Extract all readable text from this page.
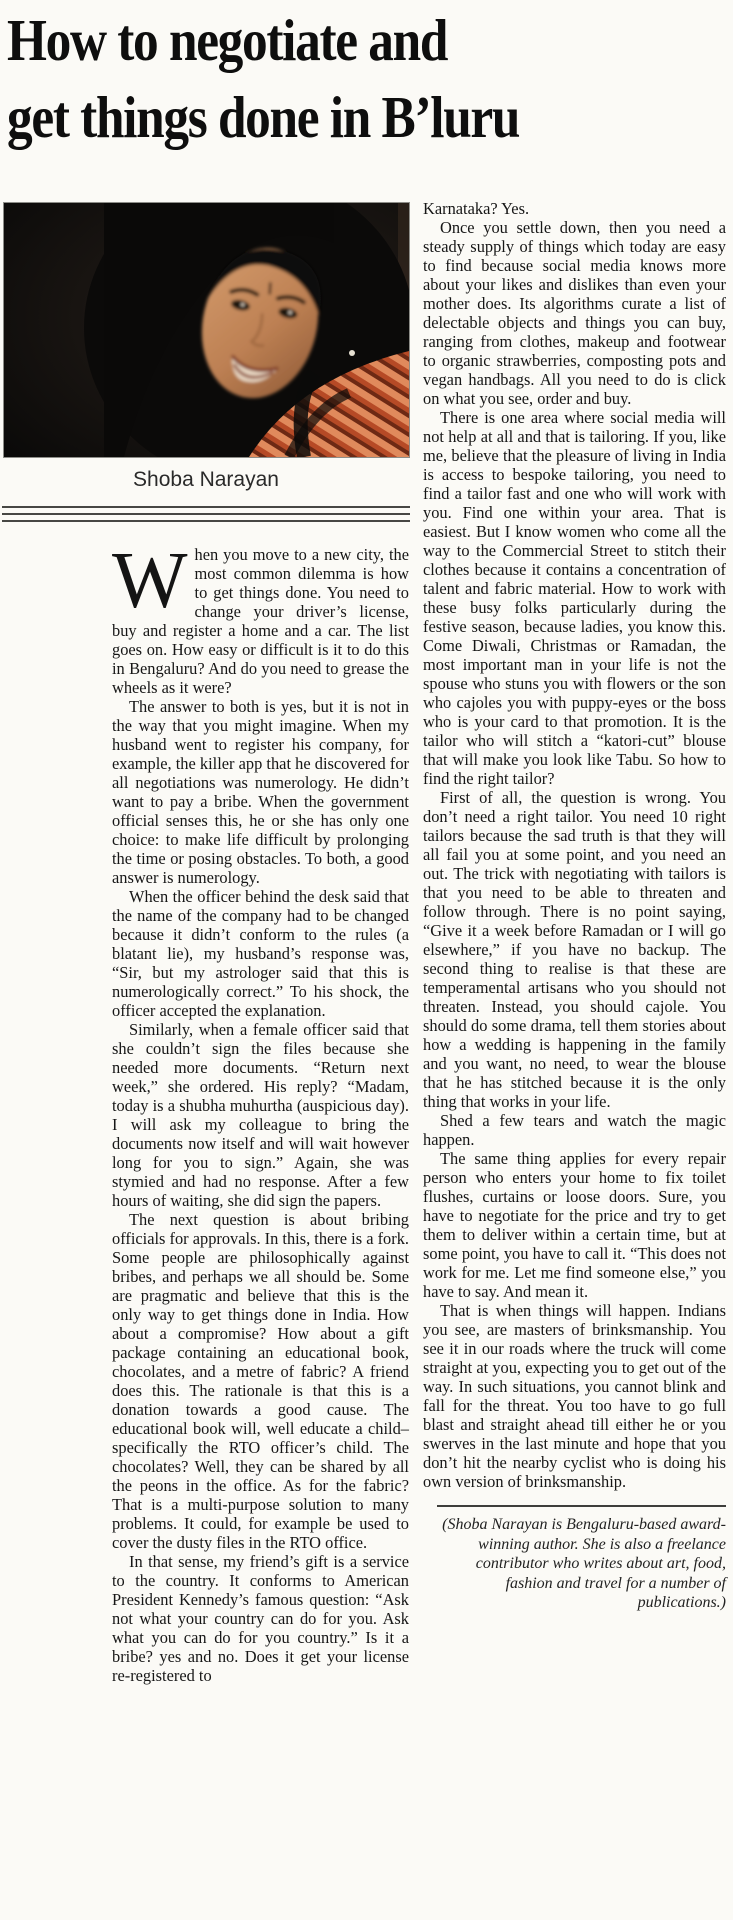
How to negotiate and
get things done in B’luru
Shoba Narayan

When you move to a new city, the most common dilemma is how to get things done. You need to change your driver’s license, buy and register a home and a car. The list goes on. How easy or difficult is it to do this in Bengaluru? And do you need to grease the wheels as it were?

The answer to both is yes, but it is not in the way that you might imagine. When my husband went to register his company, for example, the killer app that he discovered for all negotiations was numerology. He didn’t want to pay a bribe. When the government official senses this, he or she has only one choice: to make life difficult by prolonging the time or posing obstacles. To both, a good answer is numerology.

When the officer behind the desk said that the name of the company had to be changed because it didn’t conform to the rules (a blatant lie), my husband’s response was, “Sir, but my astrologer said that this is numerologically correct.” To his shock, the officer accepted the explanation.

Similarly, when a female officer said that she couldn’t sign the files because she needed more documents. “Return next week,” she ordered. His reply? “Madam, today is a shubha muhurtha (auspicious day). I will ask my colleague to bring the documents now itself and will wait however long for you to sign.” Again, she was stymied and had no response. After a few hours of waiting, she did sign the papers.

The next question is about bribing officials for approvals. In this, there is a fork. Some people are philosophically against bribes, and perhaps we all should be. Some are pragmatic and believe that this is the only way to get things done in India. How about a compromise? How about a gift package containing an educational book, chocolates, and a metre of fabric? A friend does this. The rationale is that this is a donation towards a good cause. The educational book will, well educate a child– specifically the RTO officer’s child. The chocolates? Well, they can be shared by all the peons in the office. As for the fabric? That is a multi-purpose solution to many problems. It could, for example be used to cover the dusty files in the RTO office.

In that sense, my friend’s gift is a service to the country. It conforms to American President Kennedy’s famous question: “Ask not what your country can do for you. Ask what you can do for you country.” Is it a bribe? yes and no. Does it get your license re-registered to

Karnataka? Yes.

Once you settle down, then you need a steady supply of things which today are easy to find because social media knows more about your likes and dislikes than even your mother does. Its algorithms curate a list of delectable objects and things you can buy, ranging from clothes, makeup and footwear to organic strawberries, composting pots and vegan handbags. All you need to do is click on what you see, order and buy.

There is one area where social media will not help at all and that is tailoring. If you, like me, believe that the pleasure of living in India is access to bespoke tailoring, you need to find a tailor fast and one who will work with you. Find one within your area. That is easiest. But I know women who come all the way to the Commercial Street to stitch their clothes because it contains a concentration of talent and fabric material. How to work with these busy folks particularly during the festive season, because ladies, you know this. Come Diwali, Christmas or Ramadan, the most important man in your life is not the spouse who stuns you with flowers or the son who cajoles you with puppy-eyes or the boss who is your card to that promotion. It is the tailor who will stitch a “katori-cut” blouse that will make you look like Tabu. So how to find the right tailor?

First of all, the question is wrong. You don’t need a right tailor. You need 10 right tailors because the sad truth is that they will all fail you at some point, and you need an out. The trick with negotiating with tailors is that you need to be able to threaten and follow through. There is no point saying, “Give it a week before Ramadan or I will go elsewhere,” if you have no backup. The second thing to realise is that these are temperamental artisans who you should not threaten. Instead, you should cajole. You should do some drama, tell them stories about how a wedding is happening in the family and you want, no need, to wear the blouse that he has stitched because it is the only thing that works in your life.

Shed a few tears and watch the magic happen.

The same thing applies for every repair person who enters your home to fix toilet flushes, curtains or loose doors. Sure, you have to negotiate for the price and try to get them to deliver within a certain time, but at some point, you have to call it. “This does not work for me. Let me find someone else,” you have to say. And mean it.

That is when things will happen. Indians you see, are masters of brinksmanship. You see it in our roads where the truck will come straight at you, expecting you to get out of the way. In such situations, you cannot blink and fall for the threat. You too have to go full blast and straight ahead till either he or you swerves in the last minute and hope that you don’t hit the nearby cyclist who is doing his own version of brinksmanship.

(Shoba Narayan is Bengaluru-based award-winning author. She is also a freelance contributor who writes about art, food, fashion and travel for a number of publications.)
